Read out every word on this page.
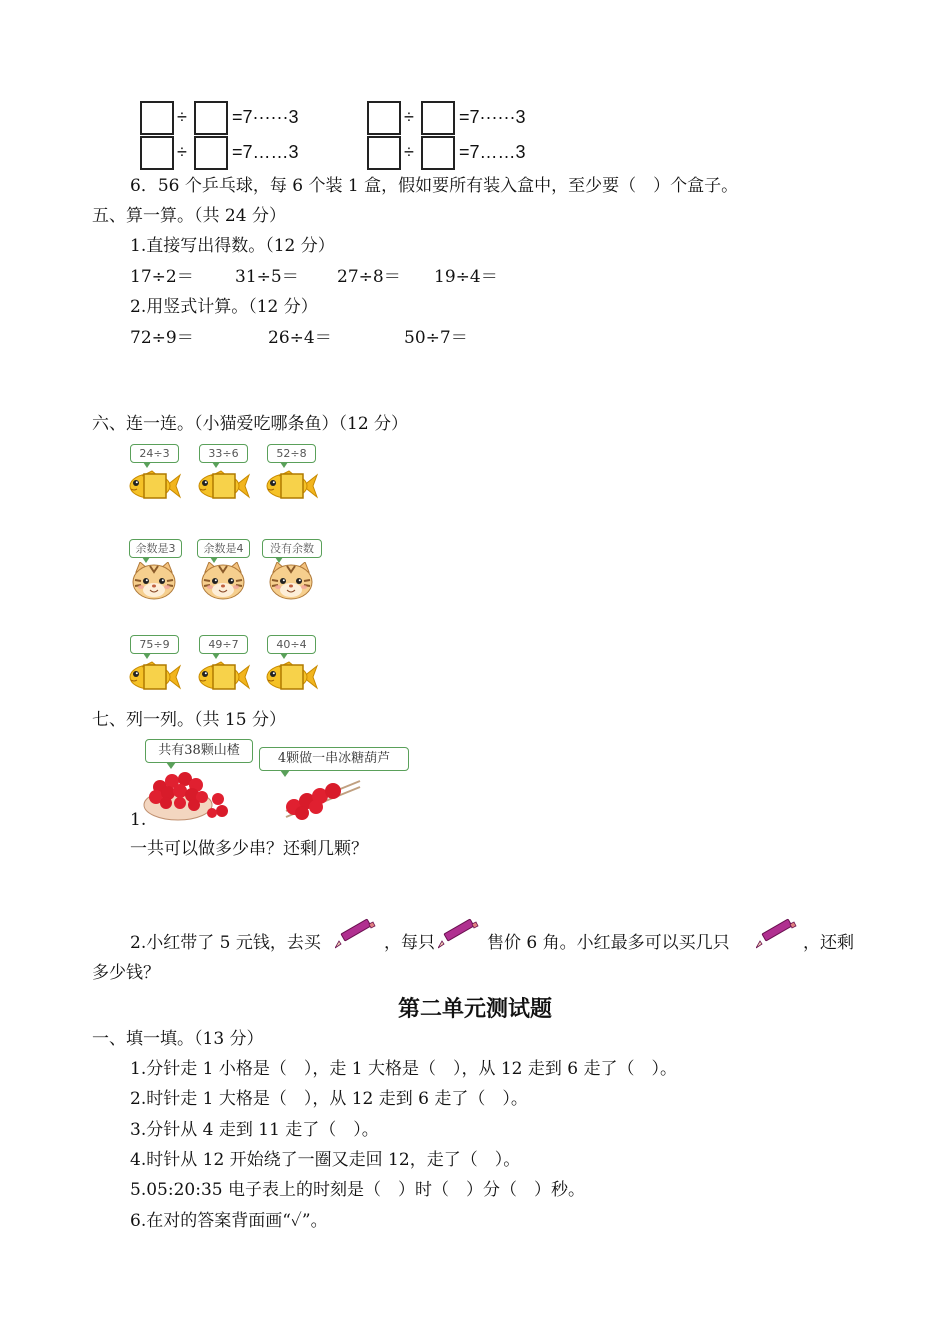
÷	=7······3	÷	=7······3
÷	=7……3	÷	=7……3
6．56 个乒乓球，每 6 个装 1 盒，假如要所有装入盒中，至少要（　）个盒子。
五、算一算。（共 24 分）
1.直接写出得数。（12 分）
17÷2＝ 31÷5＝ 27÷8＝ 19÷4＝
2.用竖式计算。（12 分）
72÷9＝	26÷4＝	50÷7＝
六、连一连。（小猫爱吃哪条鱼）（12 分）
24÷3	33÷6	52÷8
余数是3	余数是4	没有余数
75÷9	49÷7	40÷4
七、列一列。（共 15 分）
共有38颗山楂
4颗做一串冰糖葫芦
1.
一共可以做多少串？还剩几颗？
2.小红带了 5 元钱，去买	，每只	售价 6 角。小红最多可以买几只	，还剩
多少钱？
第二单元测试题
一、填一填。（13 分）
1.分针走 1 小格是（　），走 1 大格是（　），从 12 走到 6 走了（　）。
2.时针走 1 大格是（　），从 12 走到 6 走了（　）。
3.分针从 4 走到 11 走了（　）。
4.时针从 12 开始绕了一圈又走回 12，走了（　）。
5.05:20:35 电子表上的时刻是（　）时（　）分（　）秒。
6.在对的答案背面画“✓”。
